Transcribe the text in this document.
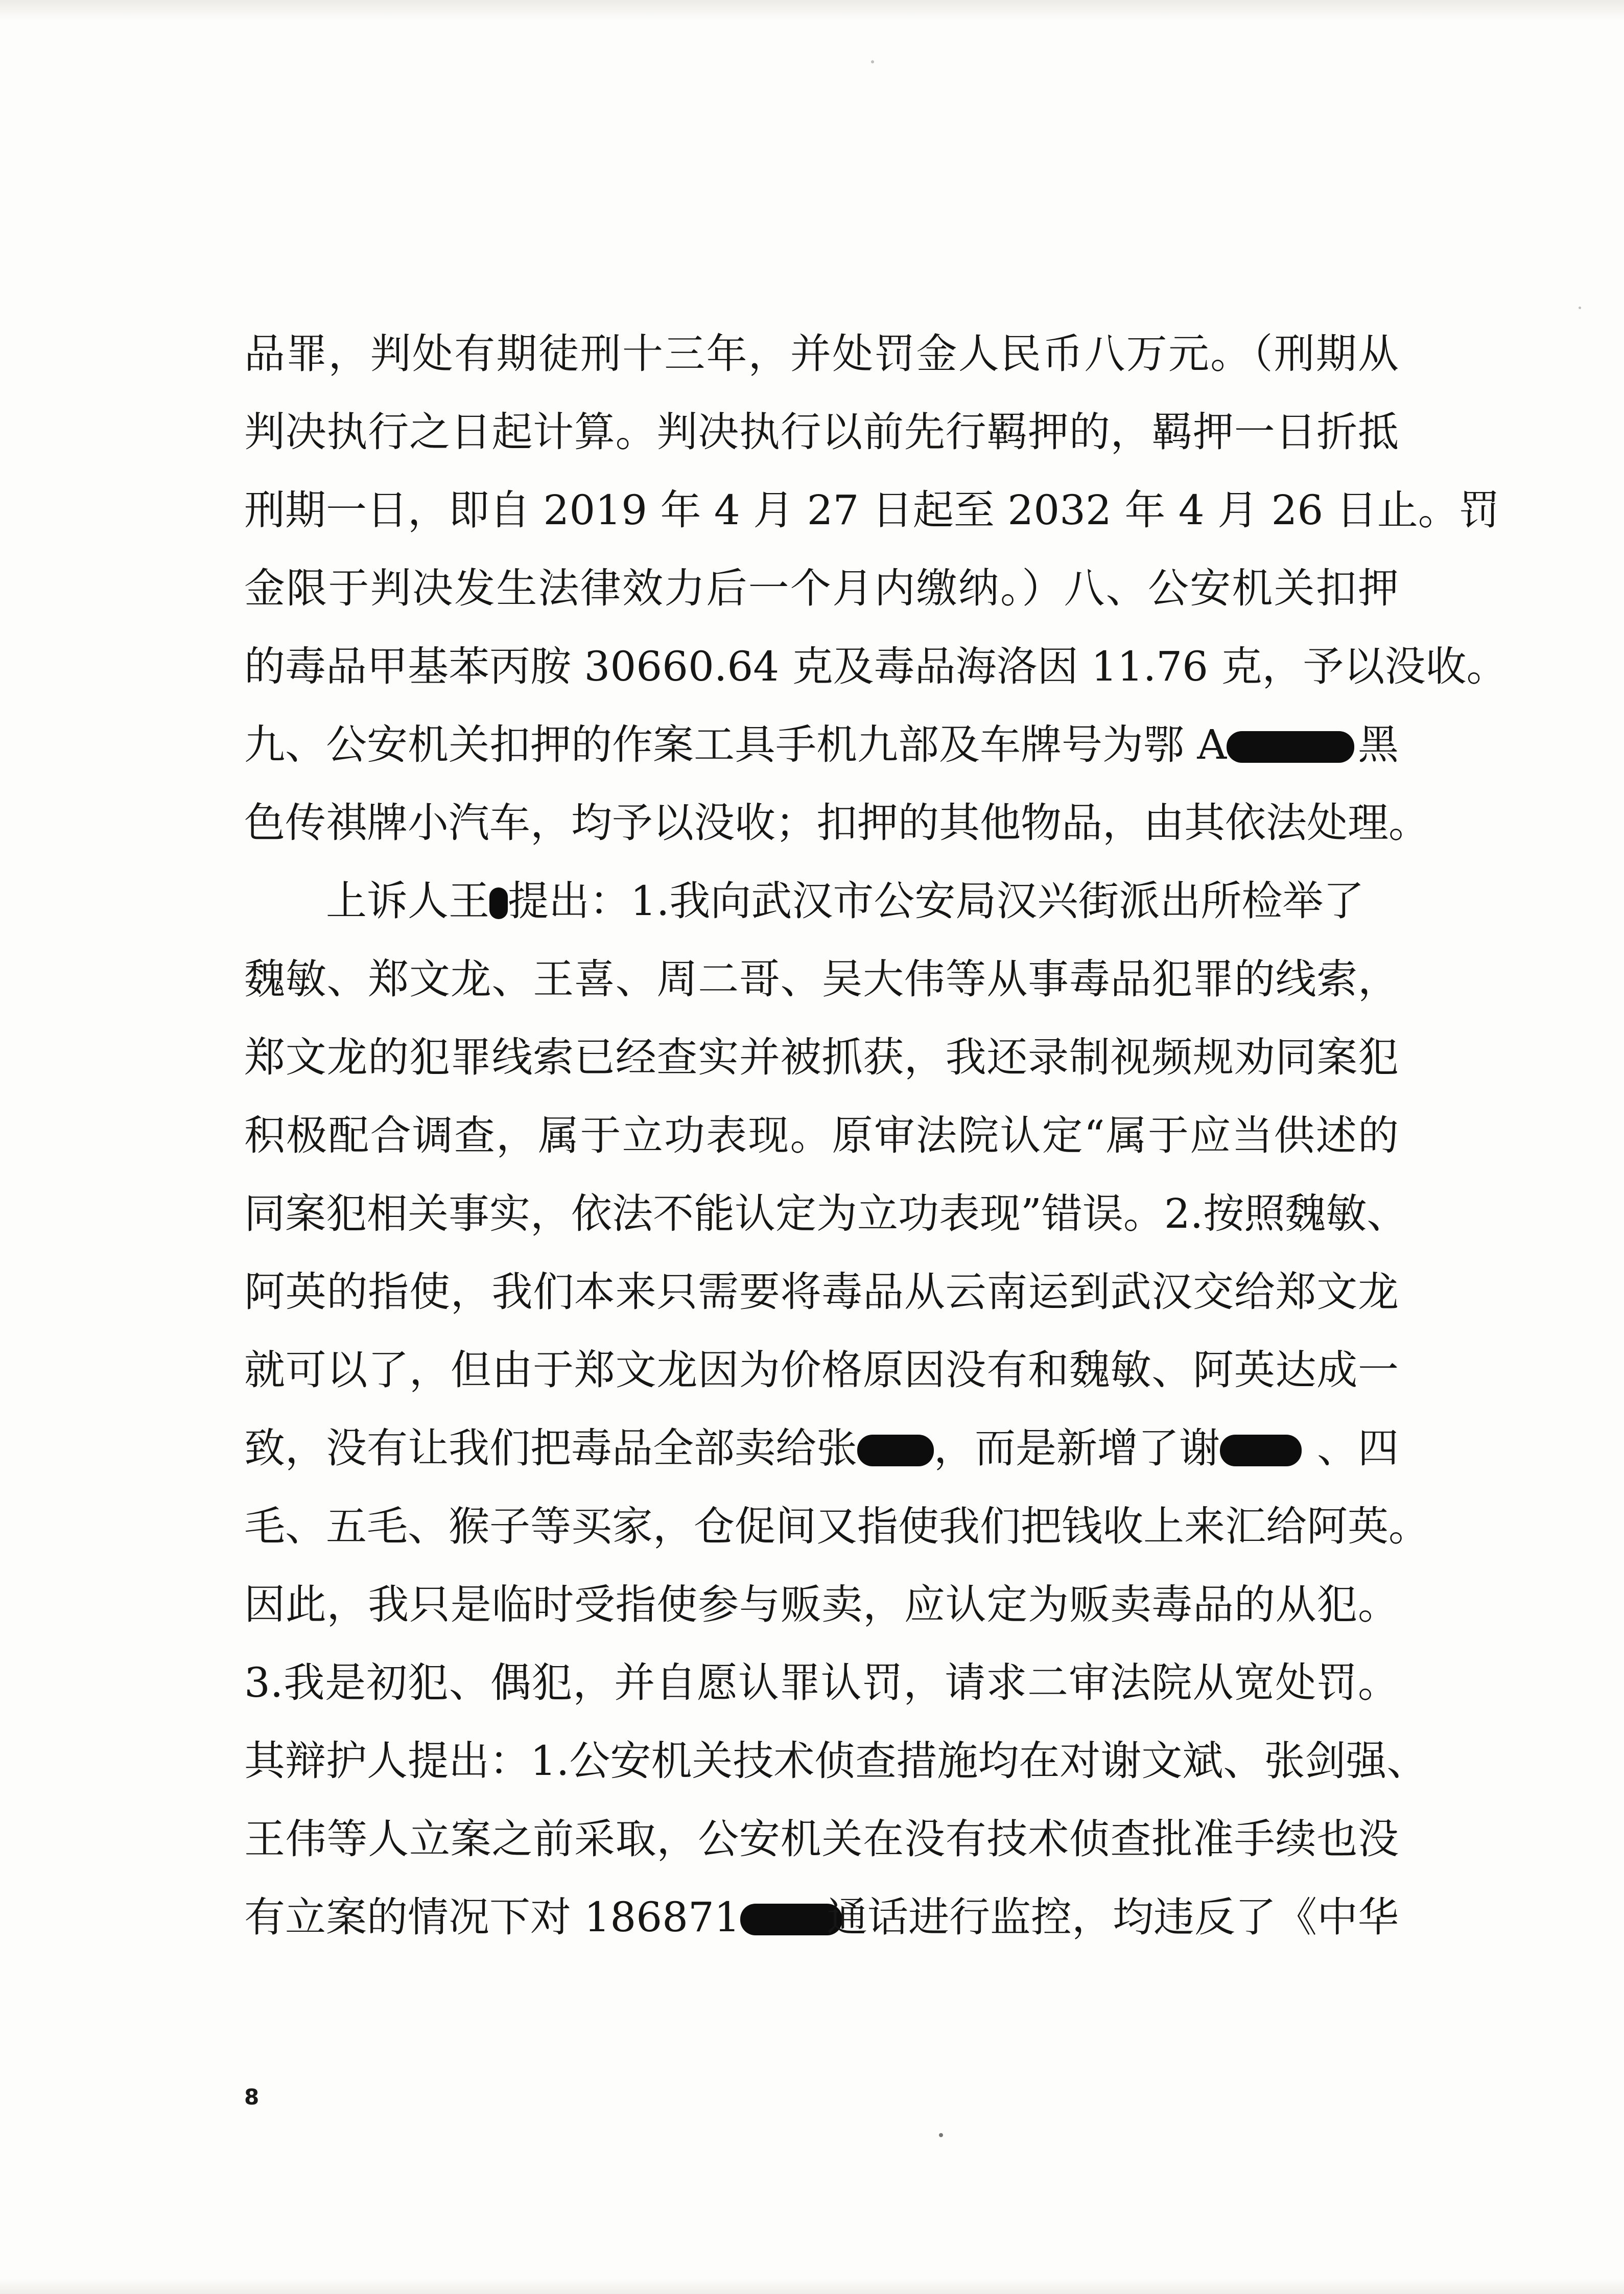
品罪，判处有期徒刑十三年，并处罚金人民币八万元。（刑期从
判决执行之日起计算。判决执行以前先行羁押的，羁押一日折抵
刑期一日，即自 2019 年 4 月 27 日起至 2032 年 4 月 26 日止。罚
金限于判决发生法律效力后一个月内缴纳。）八、公安机关扣押
的毒品甲基苯丙胺 30660.64 克及毒品海洛因 11.76 克，予以没收。
九、公安机关扣押的作案工具手机九部及车牌号为鄂 A	黑
色传祺牌小汽车，均予以没收；扣押的其他物品，由其依法处理。
上诉人王 提出：1.我向武汉市公安局汉兴街派出所检举了
魏敏、郑文龙、王喜、周二哥、吴大伟等从事毒品犯罪的线索，
郑文龙的犯罪线索已经查实并被抓获，我还录制视频规劝同案犯
积极配合调查，属于立功表现。原审法院认定“属于应当供述的
同案犯相关事实，依法不能认定为立功表现”错误。2.按照魏敏、
阿英的指使，我们本来只需要将毒品从云南运到武汉交给郑文龙
就可以了，但由于郑文龙因为价格原因没有和魏敏、阿英达成一
致，没有让我们把毒品全部卖给张 ，而是新增了谢 、四
毛、五毛、猴子等买家，仓促间又指使我们把钱收上来汇给阿英。
因此，我只是临时受指使参与贩卖，应认定为贩卖毒品的从犯。
3.我是初犯、偶犯，并自愿认罪认罚，请求二审法院从宽处罚。
其辩护人提出：1.公安机关技术侦查措施均在对谢文斌、张剑强、
王伟等人立案之前采取，公安机关在没有技术侦查批准手续也没
有立案的情况下对 186871 通话进行监控，均违反了《中华
8
